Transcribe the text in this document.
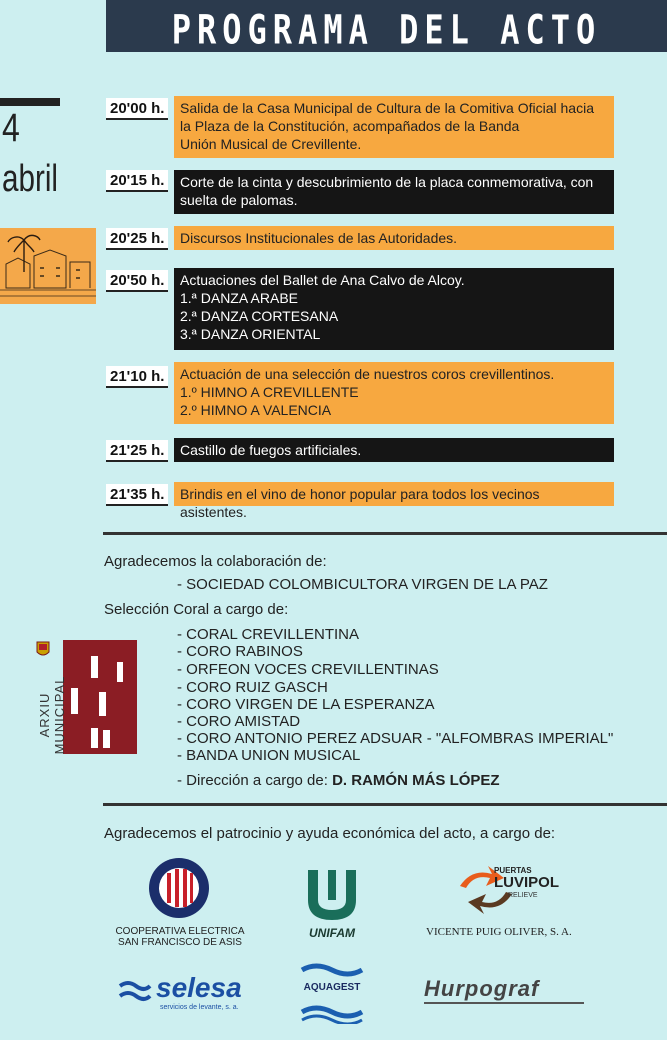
PROGRAMA DEL ACTO
4
abril
20'00 h. Salida de la Casa Municipal de Cultura de la Comitiva Oficial hacia
la Plaza de la Constitución, acompañados de la Banda
Unión Musical de Crevillente.
20'15 h. Corte de la cinta y descubrimiento de la placa conmemorativa, con
suelta de palomas.
20'25 h. Discursos Institucionales de las Autoridades.
20'50 h. Actuaciones del Ballet de Ana Calvo de Alcoy.
1.ª DANZA ARABE
2.ª DANZA CORTESANA
3.ª DANZA ORIENTAL
21'10 h. Actuación de una selección de nuestros coros crevillentinos.
1.º HIMNO A CREVILLENTE
2.º HIMNO A VALENCIA
21'25 h. Castillo de fuegos artificiales.
21'35 h. Brindis en el vino de honor popular para todos los vecinos asistentes.
Agradecemos la colaboración de:
- SOCIEDAD COLOMBICULTORA VIRGEN DE LA PAZ
Selección Coral a cargo de:
- CORAL CREVILLENTINA
- CORO RABINOS
- ORFEON VOCES CREVILLENTINAS
- CORO RUIZ GASCH
- CORO VIRGEN DE LA ESPERANZA
- CORO AMISTAD
- CORO ANTONIO PEREZ ADSUAR - "ALFOMBRAS IMPERIAL"
- BANDA UNION MUSICAL
- Dirección a cargo de: D. RAMÓN MÁS LÓPEZ
ARXIU MUNICIPAL
Agradecemos el patrocinio y ayuda económica del acto, a cargo de:
COOPERATIVA ELECTRICA
SAN FRANCISCO DE ASIS
UNIFAM
PUERTAS
LUVIPOL
RELIEVE
VICENTE PUIG OLIVER, S. A.
selesa
servicios de levante, s. a.
AQUAGEST	Hurpograf
